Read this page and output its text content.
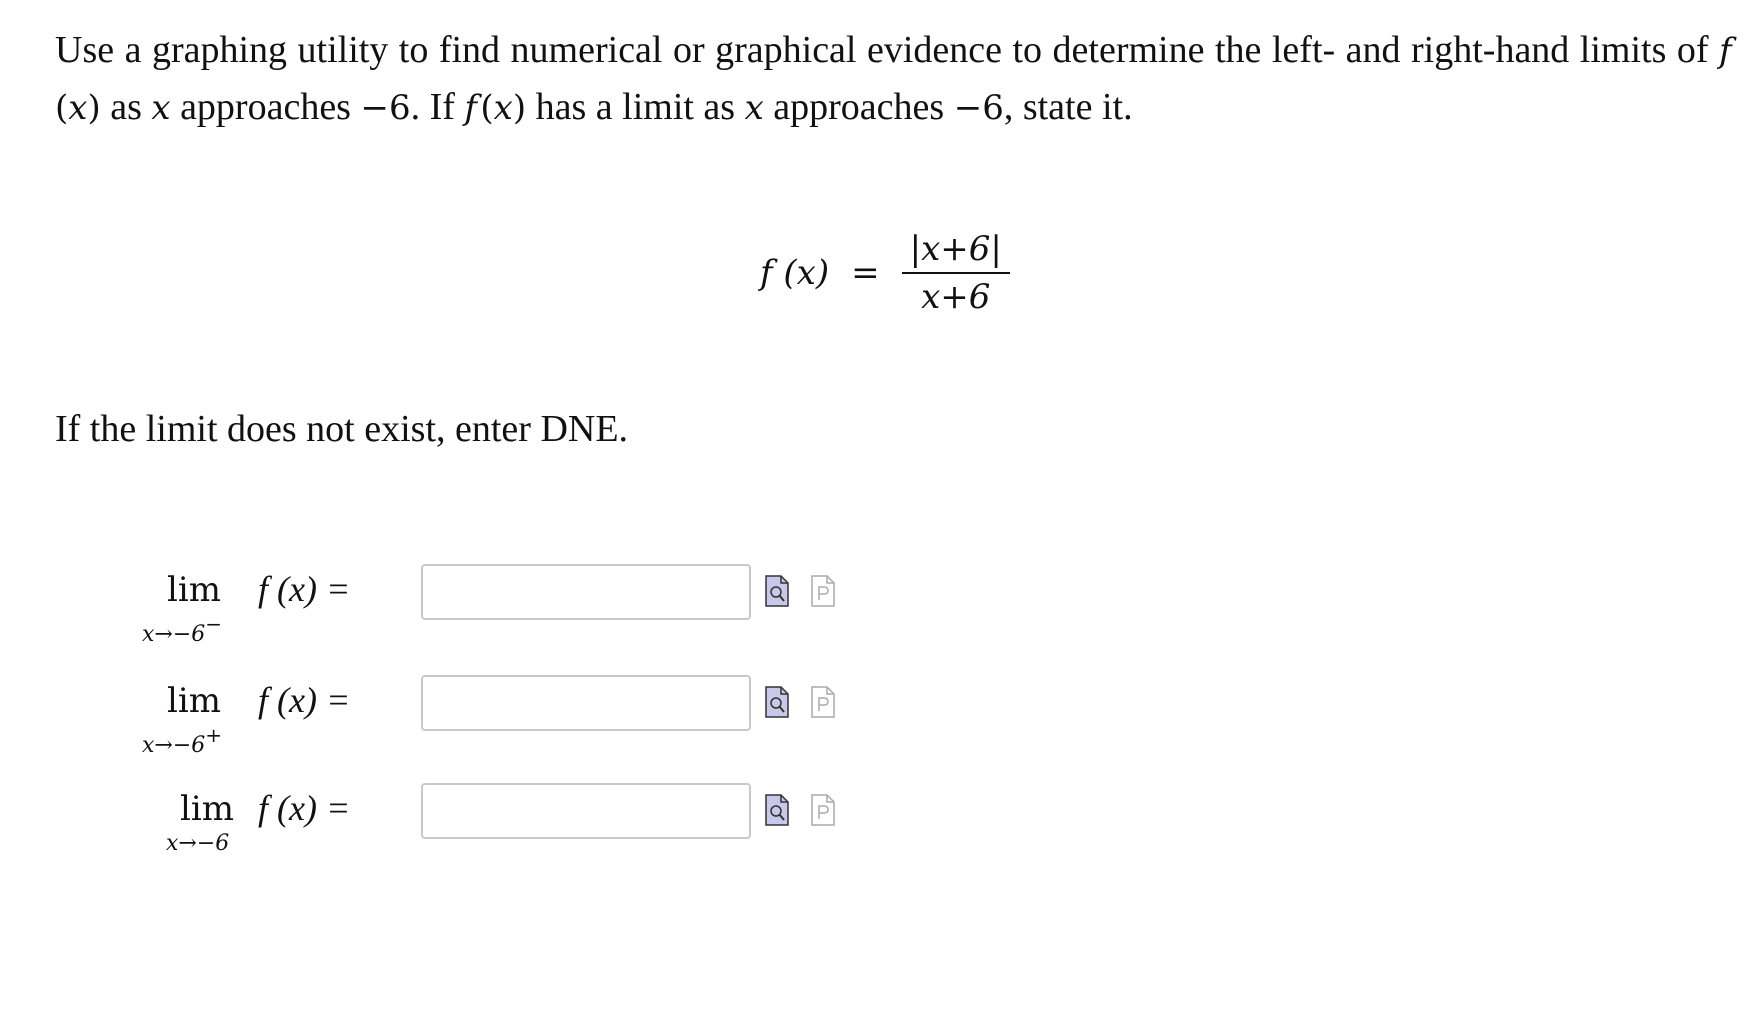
Use a graphing utility to find numerical or graphical evidence to determine the left- and right-hand limits of f (x) as x approaches −6. If f (x) has a limit as x approaches −6, state it.
f $(x) = \frac{|x+6|}{x+6}$
If the limit does not exist, enter DNE.
lim
x→−6−
f (x) =
lim
x→−6+
f (x) =
lim
x→−6
f (x) =
